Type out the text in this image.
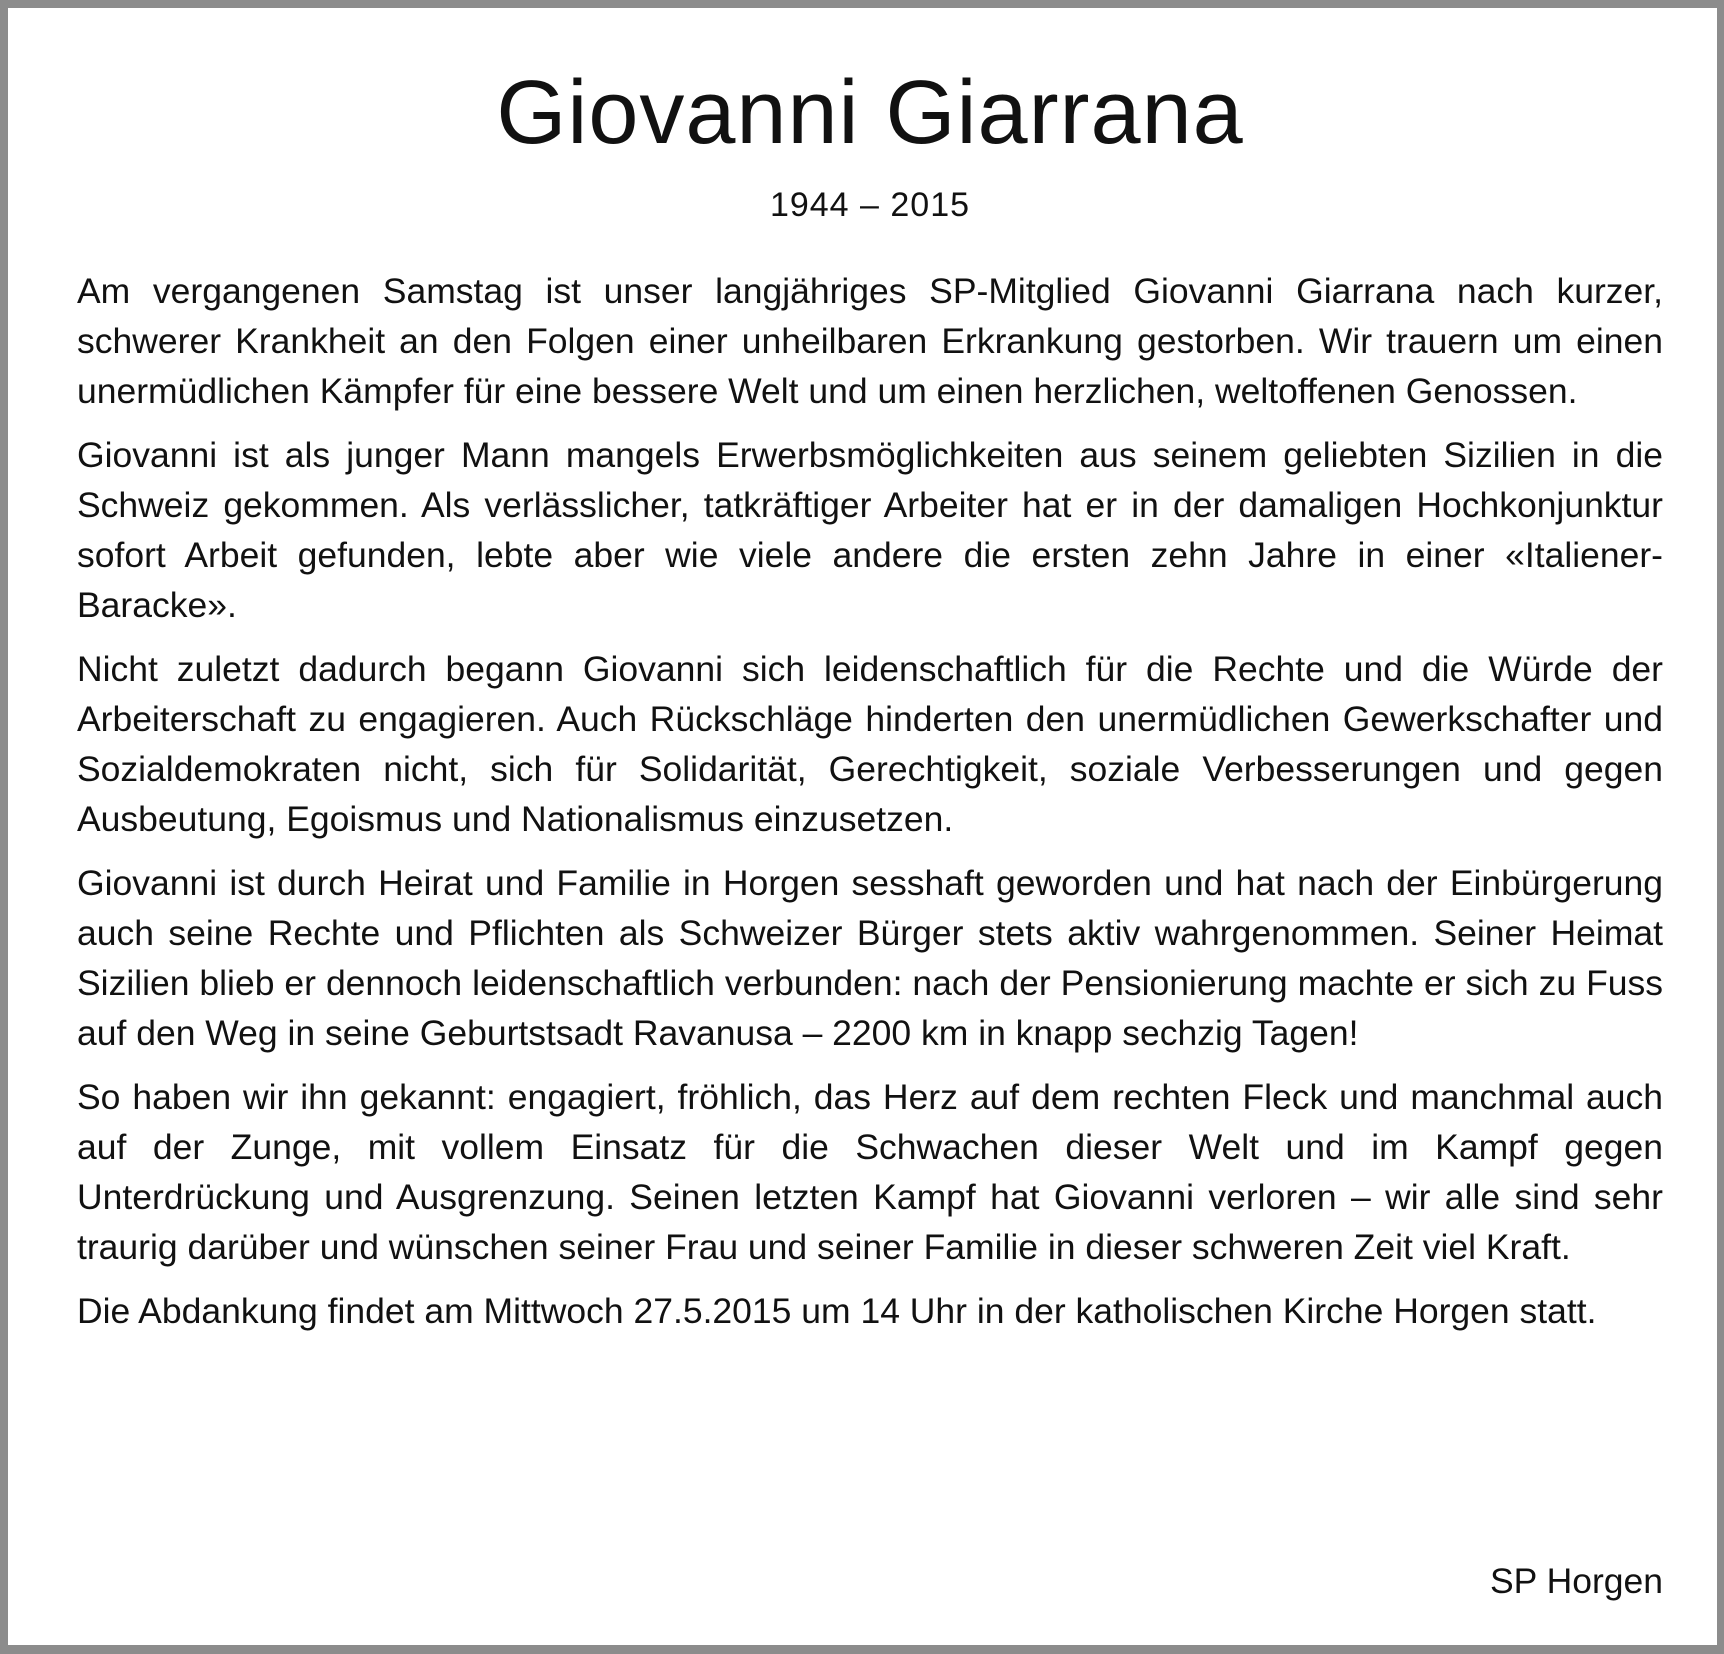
Giovanni Giarrana
1944 – 2015

Am vergangenen Samstag ist unser langjähriges SP-Mitglied Giovanni Giarrana nach kurzer, schwerer Krankheit an den Folgen einer unheilbaren Erkrankung gestorben. Wir trauern um einen unermüdlichen Kämpfer für eine bessere Welt und um einen herzlichen, weltoffenen Genossen.

Giovanni ist als junger Mann mangels Erwerbsmöglichkeiten aus seinem geliebten Sizilien in die Schweiz gekommen. Als verlässlicher, tatkräftiger Arbeiter hat er in der damaligen Hochkonjunktur sofort Arbeit gefunden, lebte aber wie viele andere die ersten zehn Jahre in einer «Italiener-Baracke».

Nicht zuletzt dadurch begann Giovanni sich leidenschaftlich für die Rechte und die Würde der Arbeiterschaft zu engagieren. Auch Rückschläge hinderten den unermüdlichen Gewerkschafter und Sozialdemokraten nicht, sich für Solidarität, Gerechtigkeit, soziale Verbesserungen und gegen Ausbeutung, Egoismus und Nationalismus einzusetzen.

Giovanni ist durch Heirat und Familie in Horgen sesshaft geworden und hat nach der Einbürgerung auch seine Rechte und Pflichten als Schweizer Bürger stets aktiv wahrgenommen. Seiner Heimat Sizilien blieb er dennoch leidenschaftlich verbunden: nach der Pensionierung machte er sich zu Fuss auf den Weg in seine Geburtstsadt Ravanusa – 2200 km in knapp sechzig Tagen!

So haben wir ihn gekannt: engagiert, fröhlich, das Herz auf dem rechten Fleck und manchmal auch auf der Zunge, mit vollem Einsatz für die Schwachen dieser Welt und im Kampf gegen Unterdrückung und Ausgrenzung. Seinen letzten Kampf hat Giovanni verloren – wir alle sind sehr traurig darüber und wünschen seiner Frau und seiner Familie in dieser schweren Zeit viel Kraft.

Die Abdankung findet am Mittwoch 27.5.2015 um 14 Uhr in der katholischen Kirche Horgen statt.

SP Horgen
